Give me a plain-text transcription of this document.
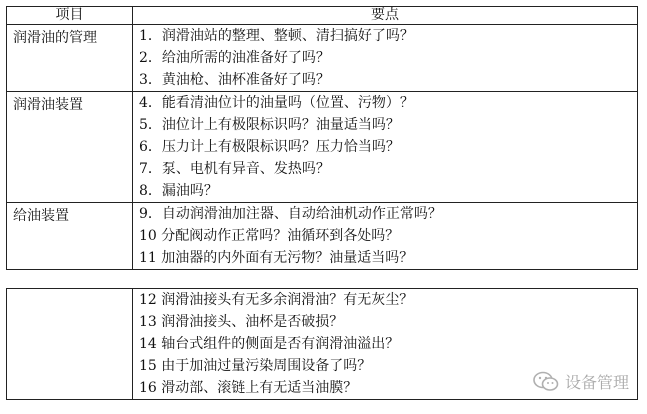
项目	要点
润滑油的管理	1．润滑油站的整理、整顿、清扫搞好了吗？
2．给油所需的油准备好了吗？
3．黄油枪、油杯准备好了吗？

润滑油装置	4．能看清油位计的油量吗（位置、污物）？
5．油位计上有极限标识吗？油量适当吗？
6．压力计上有极限标识吗？压力恰当吗？
7．泵、电机有异音、发热吗？
8．漏油吗？

给油装置	9．自动润滑油加注器、自动给油机动作正常吗？
10 分配阀动作正常吗？油循环到各处吗？
11 加油器的内外面有无污物？油量适当吗？

12 润滑油接头有无多余润滑油？有无灰尘？
13 润滑油接头、油杯是否破损？
14 轴台式组件的侧面是否有润滑油溢出？
15 由于加油过量污染周围设备了吗？
16 滑动部、滚链上有无适当油膜？	设备管理
